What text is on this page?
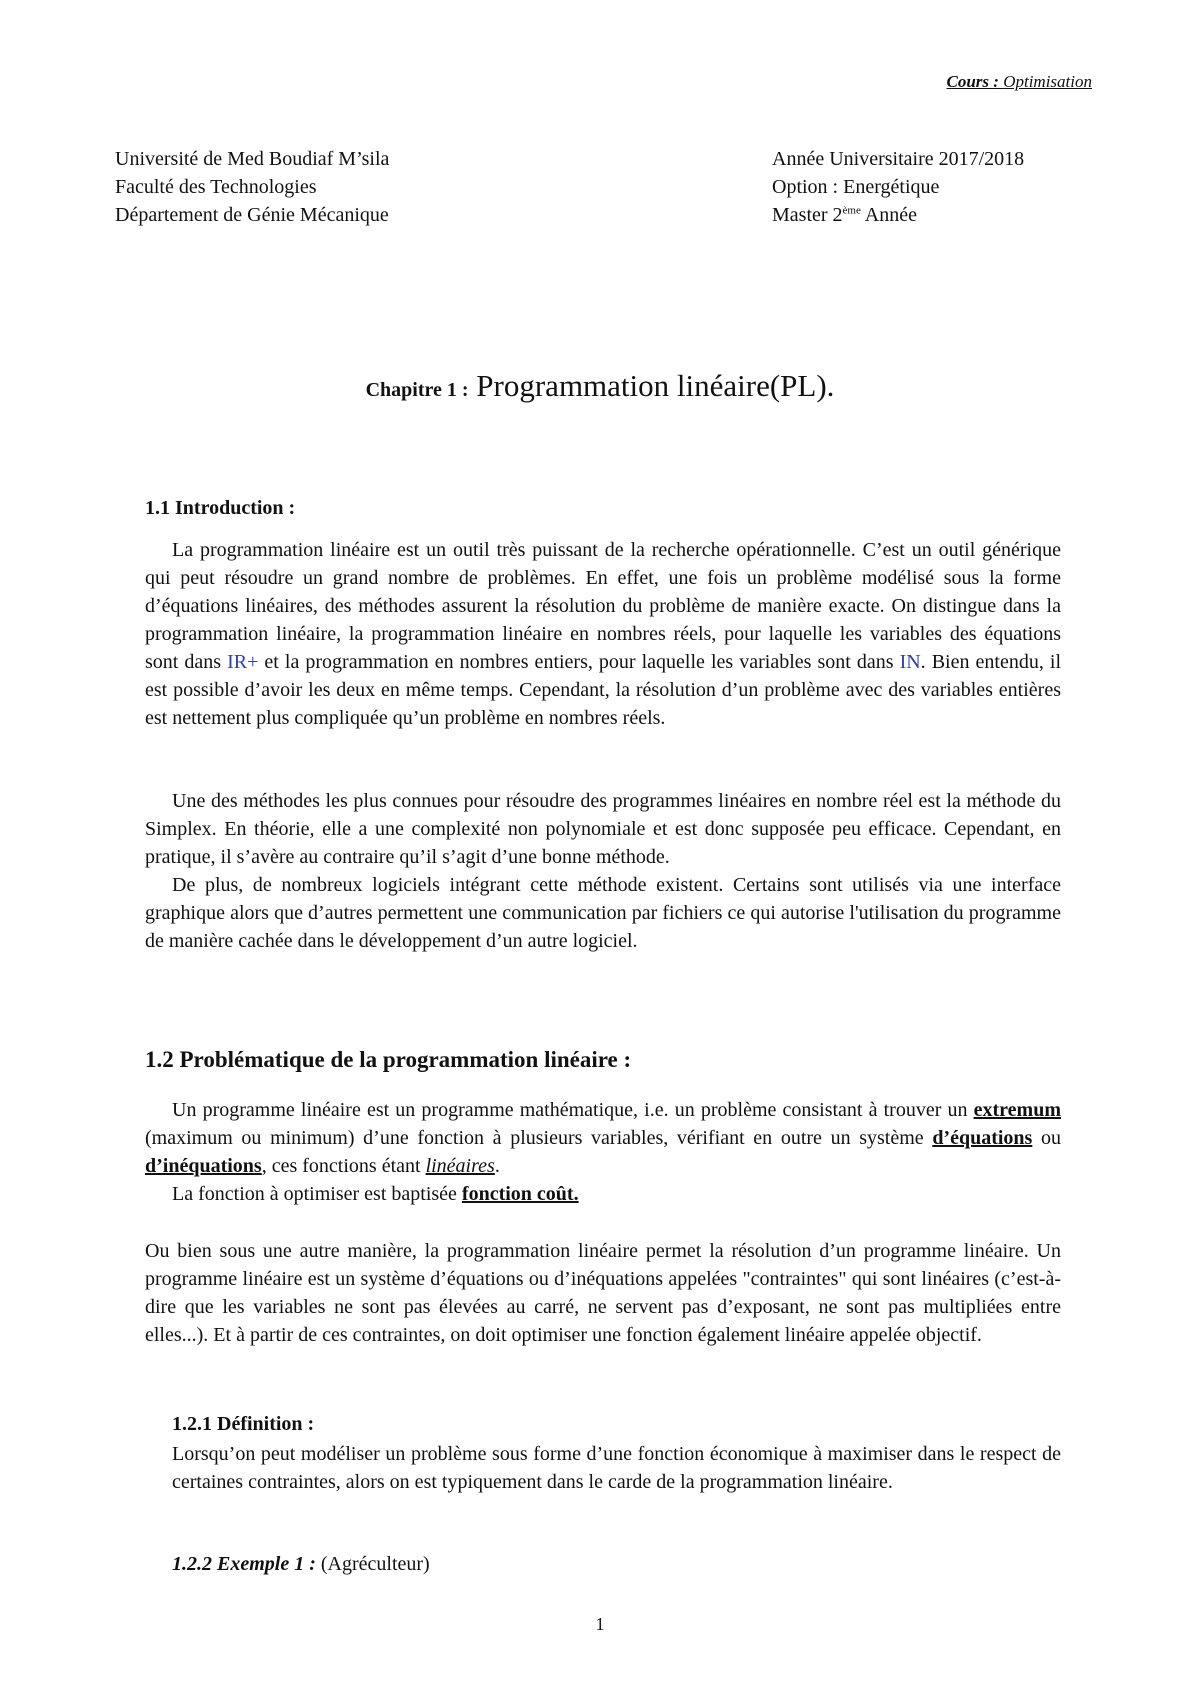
Cours : Optimisation
Université de Med Boudiaf M’sila
Faculté des Technologies
Département de Génie Mécanique
Année Universitaire 2017/2018
Option : Energétique
Master 2ème Année
Chapitre 1 : Programmation linéaire(PL).
1.1 Introduction :

La programmation linéaire est un outil très puissant de la recherche opérationnelle. C’est un outil générique qui peut résoudre un grand nombre de problèmes. En effet, une fois un problème modélisé sous la forme d’équations linéaires, des méthodes assurent la résolution du problème de manière exacte. On distingue dans la programmation linéaire, la programmation linéaire en nombres réels, pour laquelle les variables des équations sont dans IR+ et la programmation en nombres entiers, pour laquelle les variables sont dans IN. Bien entendu, il est possible d’avoir les deux en même temps. Cependant, la résolution d’un problème avec des variables entières est nettement plus compliquée qu’un problème en nombres réels.

Une des méthodes les plus connues pour résoudre des programmes linéaires en nombre réel est la méthode du Simplex. En théorie, elle a une complexité non polynomiale et est donc supposée peu efficace. Cependant, en pratique, il s’avère au contraire qu’il s’agit d’une bonne méthode.

De plus, de nombreux logiciels intégrant cette méthode existent. Certains sont utilisés via une interface graphique alors que d’autres permettent une communication par fichiers ce qui autorise l'utilisation du programme de manière cachée dans le développement d’un autre logiciel.

1.2 Problématique de la programmation linéaire :

Un programme linéaire est un programme mathématique, i.e. un problème consistant à trouver un extremum (maximum ou minimum) d’une fonction à plusieurs variables, vérifiant en outre un système d’équations ou d’inéquations, ces fonctions étant linéaires.

La fonction à optimiser est baptisée fonction coût.

Ou bien sous une autre manière, la programmation linéaire permet la résolution d’un programme linéaire. Un programme linéaire est un système d’équations ou d’inéquations appelées "contraintes" qui sont linéaires (c’est-à-dire que les variables ne sont pas élevées au carré, ne servent pas d’exposant, ne sont pas multipliées entre elles...). Et à partir de ces contraintes, on doit optimiser une fonction également linéaire appelée objectif.

1.2.1 Définition :

Lorsqu’on peut modéliser un problème sous forme d’une fonction économique à maximiser dans le respect de certaines contraintes, alors on est typiquement dans le carde de la programmation linéaire.

1.2.2 Exemple 1 : (Agréculteur)
1
